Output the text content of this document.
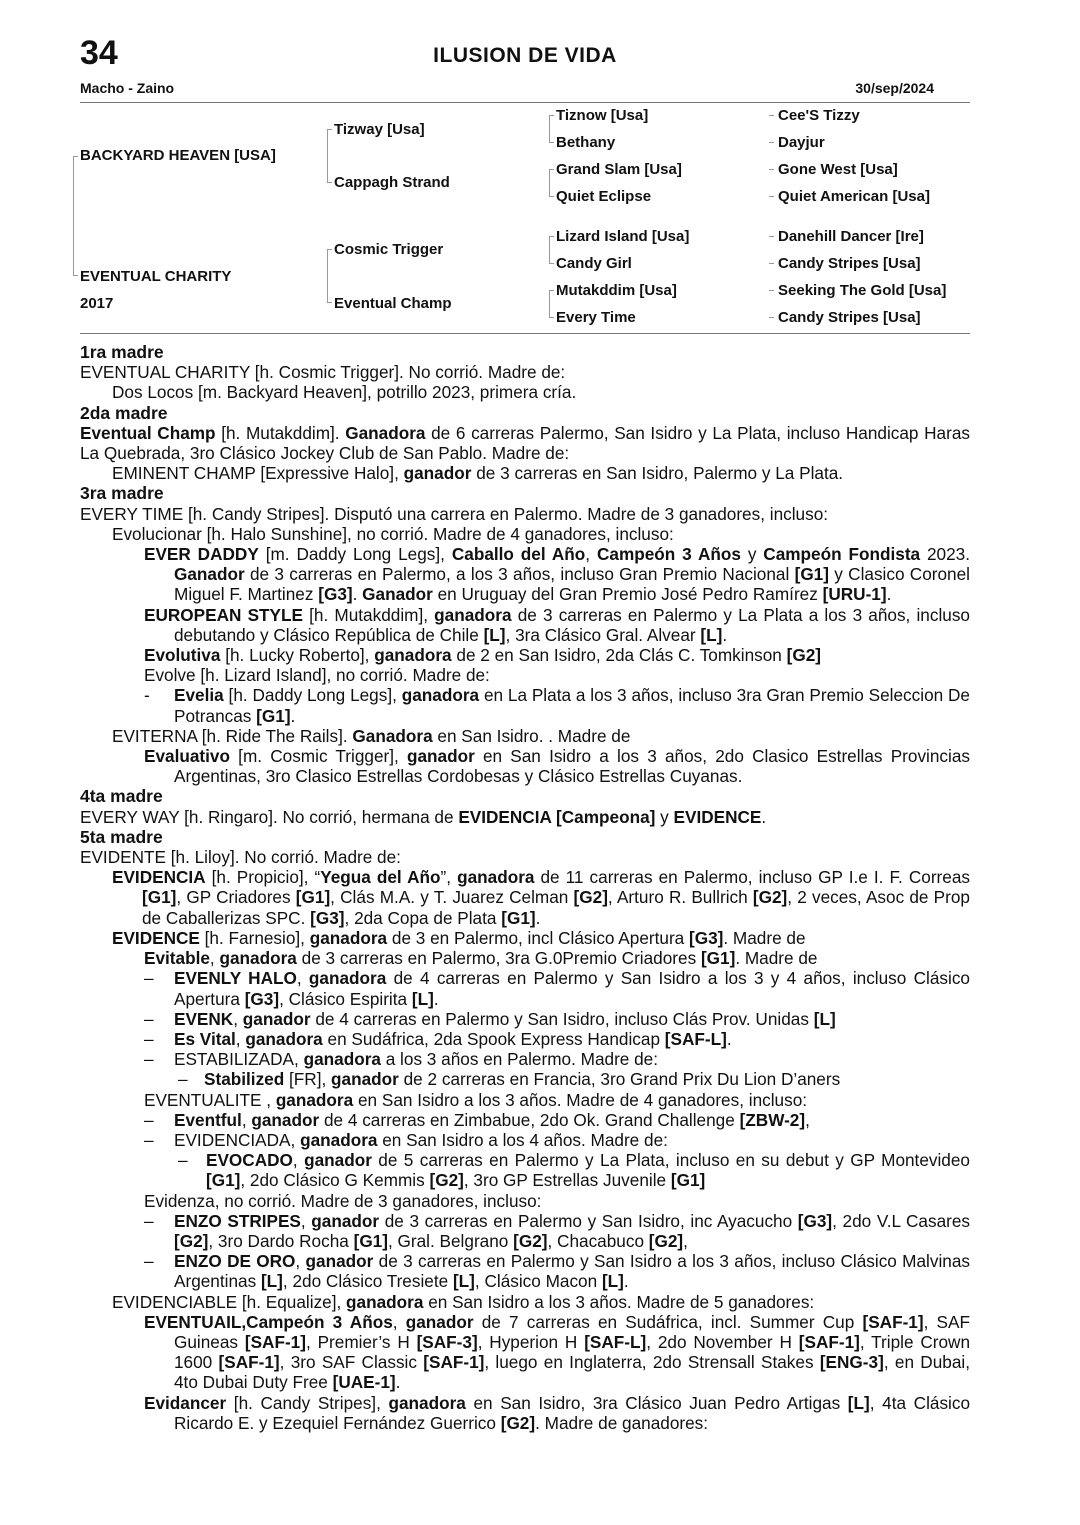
34	ILUSION DE VIDA
Macho - Zaino	30/sep/2024
BACKYARD HEAVEN [USA]
EVENTUAL CHARITY
2017
Tizway [Usa]
Cappagh Strand
Cosmic Trigger
Eventual Champ
Tiznow [Usa]
Bethany
Grand Slam [Usa]
Quiet Eclipse
Lizard Island [Usa]
Candy Girl
Mutakddim [Usa]
Every Time
Cee'S Tizzy
Dayjur
Gone West [Usa]
Quiet American [Usa]
Danehill Dancer [Ire]
Candy Stripes [Usa]
Seeking The Gold [Usa]
Candy Stripes [Usa]
1ra madre
EVENTUAL CHARITY [h. Cosmic Trigger]. No corrió. Madre de:
Dos Locos [m. Backyard Heaven], potrillo 2023, primera cría.
2da madre
Eventual Champ [h. Mutakddim]. Ganadora de 6 carreras Palermo, San Isidro y La Plata, incluso Handicap Haras La Quebrada, 3ro Clásico Jockey Club de San Pablo. Madre de:
EMINENT CHAMP [Expressive Halo], ganador de 3 carreras en San Isidro, Palermo y La Plata.
3ra madre
EVERY TIME [h. Candy Stripes]. Disputó una carrera en Palermo. Madre de 3 ganadores, incluso:
Evolucionar [h. Halo Sunshine], no corrió. Madre de 4 ganadores, incluso:
EVER DADDY [m. Daddy Long Legs], Caballo del Año, Campeón 3 Años y Campeón Fondista 2023. Ganador de 3 carreras en Palermo, a los 3 años, incluso Gran Premio Nacional [G1] y Clasico Coronel Miguel F. Martinez [G3]. Ganador en Uruguay del Gran Premio José Pedro Ramírez [URU-1].
EUROPEAN STYLE [h. Mutakddim], ganadora de 3 carreras en Palermo y La Plata a los 3 años, incluso debutando y Clásico República de Chile [L], 3ra Clásico Gral. Alvear [L].
Evolutiva [h. Lucky Roberto], ganadora de 2 en San Isidro, 2da Clás C. Tomkinson [G2]
Evolve [h. Lizard Island], no corrió. Madre de:
- Evelia [h. Daddy Long Legs], ganadora en La Plata a los 3 años, incluso 3ra Gran Premio Seleccion De Potrancas [G1].
EVITERNA [h. Ride The Rails]. Ganadora en San Isidro. . Madre de
Evaluativo [m. Cosmic Trigger], ganador en San Isidro a los 3 años, 2do Clasico Estrellas Provincias Argentinas, 3ro Clasico Estrellas Cordobesas y Clásico Estrellas Cuyanas.
4ta madre
EVERY WAY [h. Ringaro]. No corrió, hermana de EVIDENCIA [Campeona] y EVIDENCE.
5ta madre
EVIDENTE [h. Liloy]. No corrió. Madre de:
EVIDENCIA [h. Propicio], “Yegua del Año”, ganadora de 11 carreras en Palermo, incluso GP I.e I. F. Correas [G1], GP Criadores [G1], Clás M.A. y T. Juarez Celman [G2], Arturo R. Bullrich [G2], 2 veces, Asoc de Prop de Caballerizas SPC. [G3], 2da Copa de Plata [G1].
EVIDENCE [h. Farnesio], ganadora de 3 en Palermo, incl Clásico Apertura [G3]. Madre de
Evitable, ganadora de 3 carreras en Palermo, 3ra G.0Premio Criadores [G1]. Madre de
– EVENLY HALO, ganadora de 4 carreras en Palermo y San Isidro a los 3 y 4 años, incluso Clásico Apertura [G3], Clásico Espirita [L].
– EVENK, ganador de 4 carreras en Palermo y San Isidro, incluso Clás Prov. Unidas [L]
– Es Vital, ganadora en Sudáfrica, 2da Spook Express Handicap [SAF-L].
– ESTABILIZADA, ganadora a los 3 años en Palermo. Madre de:
– Stabilized [FR], ganador de 2 carreras en Francia, 3ro Grand Prix Du Lion D’aners
EVENTUALITE , ganadora en San Isidro a los 3 años. Madre de 4 ganadores, incluso:
– Eventful, ganador de 4 carreras en Zimbabue, 2do Ok. Grand Challenge [ZBW-2],
– EVIDENCIADA, ganadora en San Isidro a los 4 años. Madre de:
– EVOCADO, ganador de 5 carreras en Palermo y La Plata, incluso en su debut y GP Montevideo [G1], 2do Clásico G Kemmis [G2], 3ro GP Estrellas Juvenile [G1]
Evidenza, no corrió. Madre de 3 ganadores, incluso:
– ENZO STRIPES, ganador de 3 carreras en Palermo y San Isidro, inc Ayacucho [G3], 2do V.L Casares [G2], 3ro Dardo Rocha [G1], Gral. Belgrano [G2], Chacabuco [G2],
– ENZO DE ORO, ganador de 3 carreras en Palermo y San Isidro a los 3 años, incluso Clásico Malvinas Argentinas [L], 2do Clásico Tresiete [L], Clásico Macon [L].
EVIDENCIABLE [h. Equalize], ganadora en San Isidro a los 3 años. Madre de 5 ganadores:
EVENTUAIL,Campeón 3 Años, ganador de 7 carreras en Sudáfrica, incl. Summer Cup [SAF-1], SAF Guineas [SAF-1], Premier’s H [SAF-3], Hyperion H [SAF-L], 2do November H [SAF-1], Triple Crown 1600 [SAF-1], 3ro SAF Classic [SAF-1], luego en Inglaterra, 2do Strensall Stakes [ENG-3], en Dubai, 4to Dubai Duty Free [UAE-1].
Evidancer [h. Candy Stripes], ganadora en San Isidro, 3ra Clásico Juan Pedro Artigas [L], 4ta Clásico Ricardo E. y Ezequiel Fernández Guerrico [G2]. Madre de ganadores:
